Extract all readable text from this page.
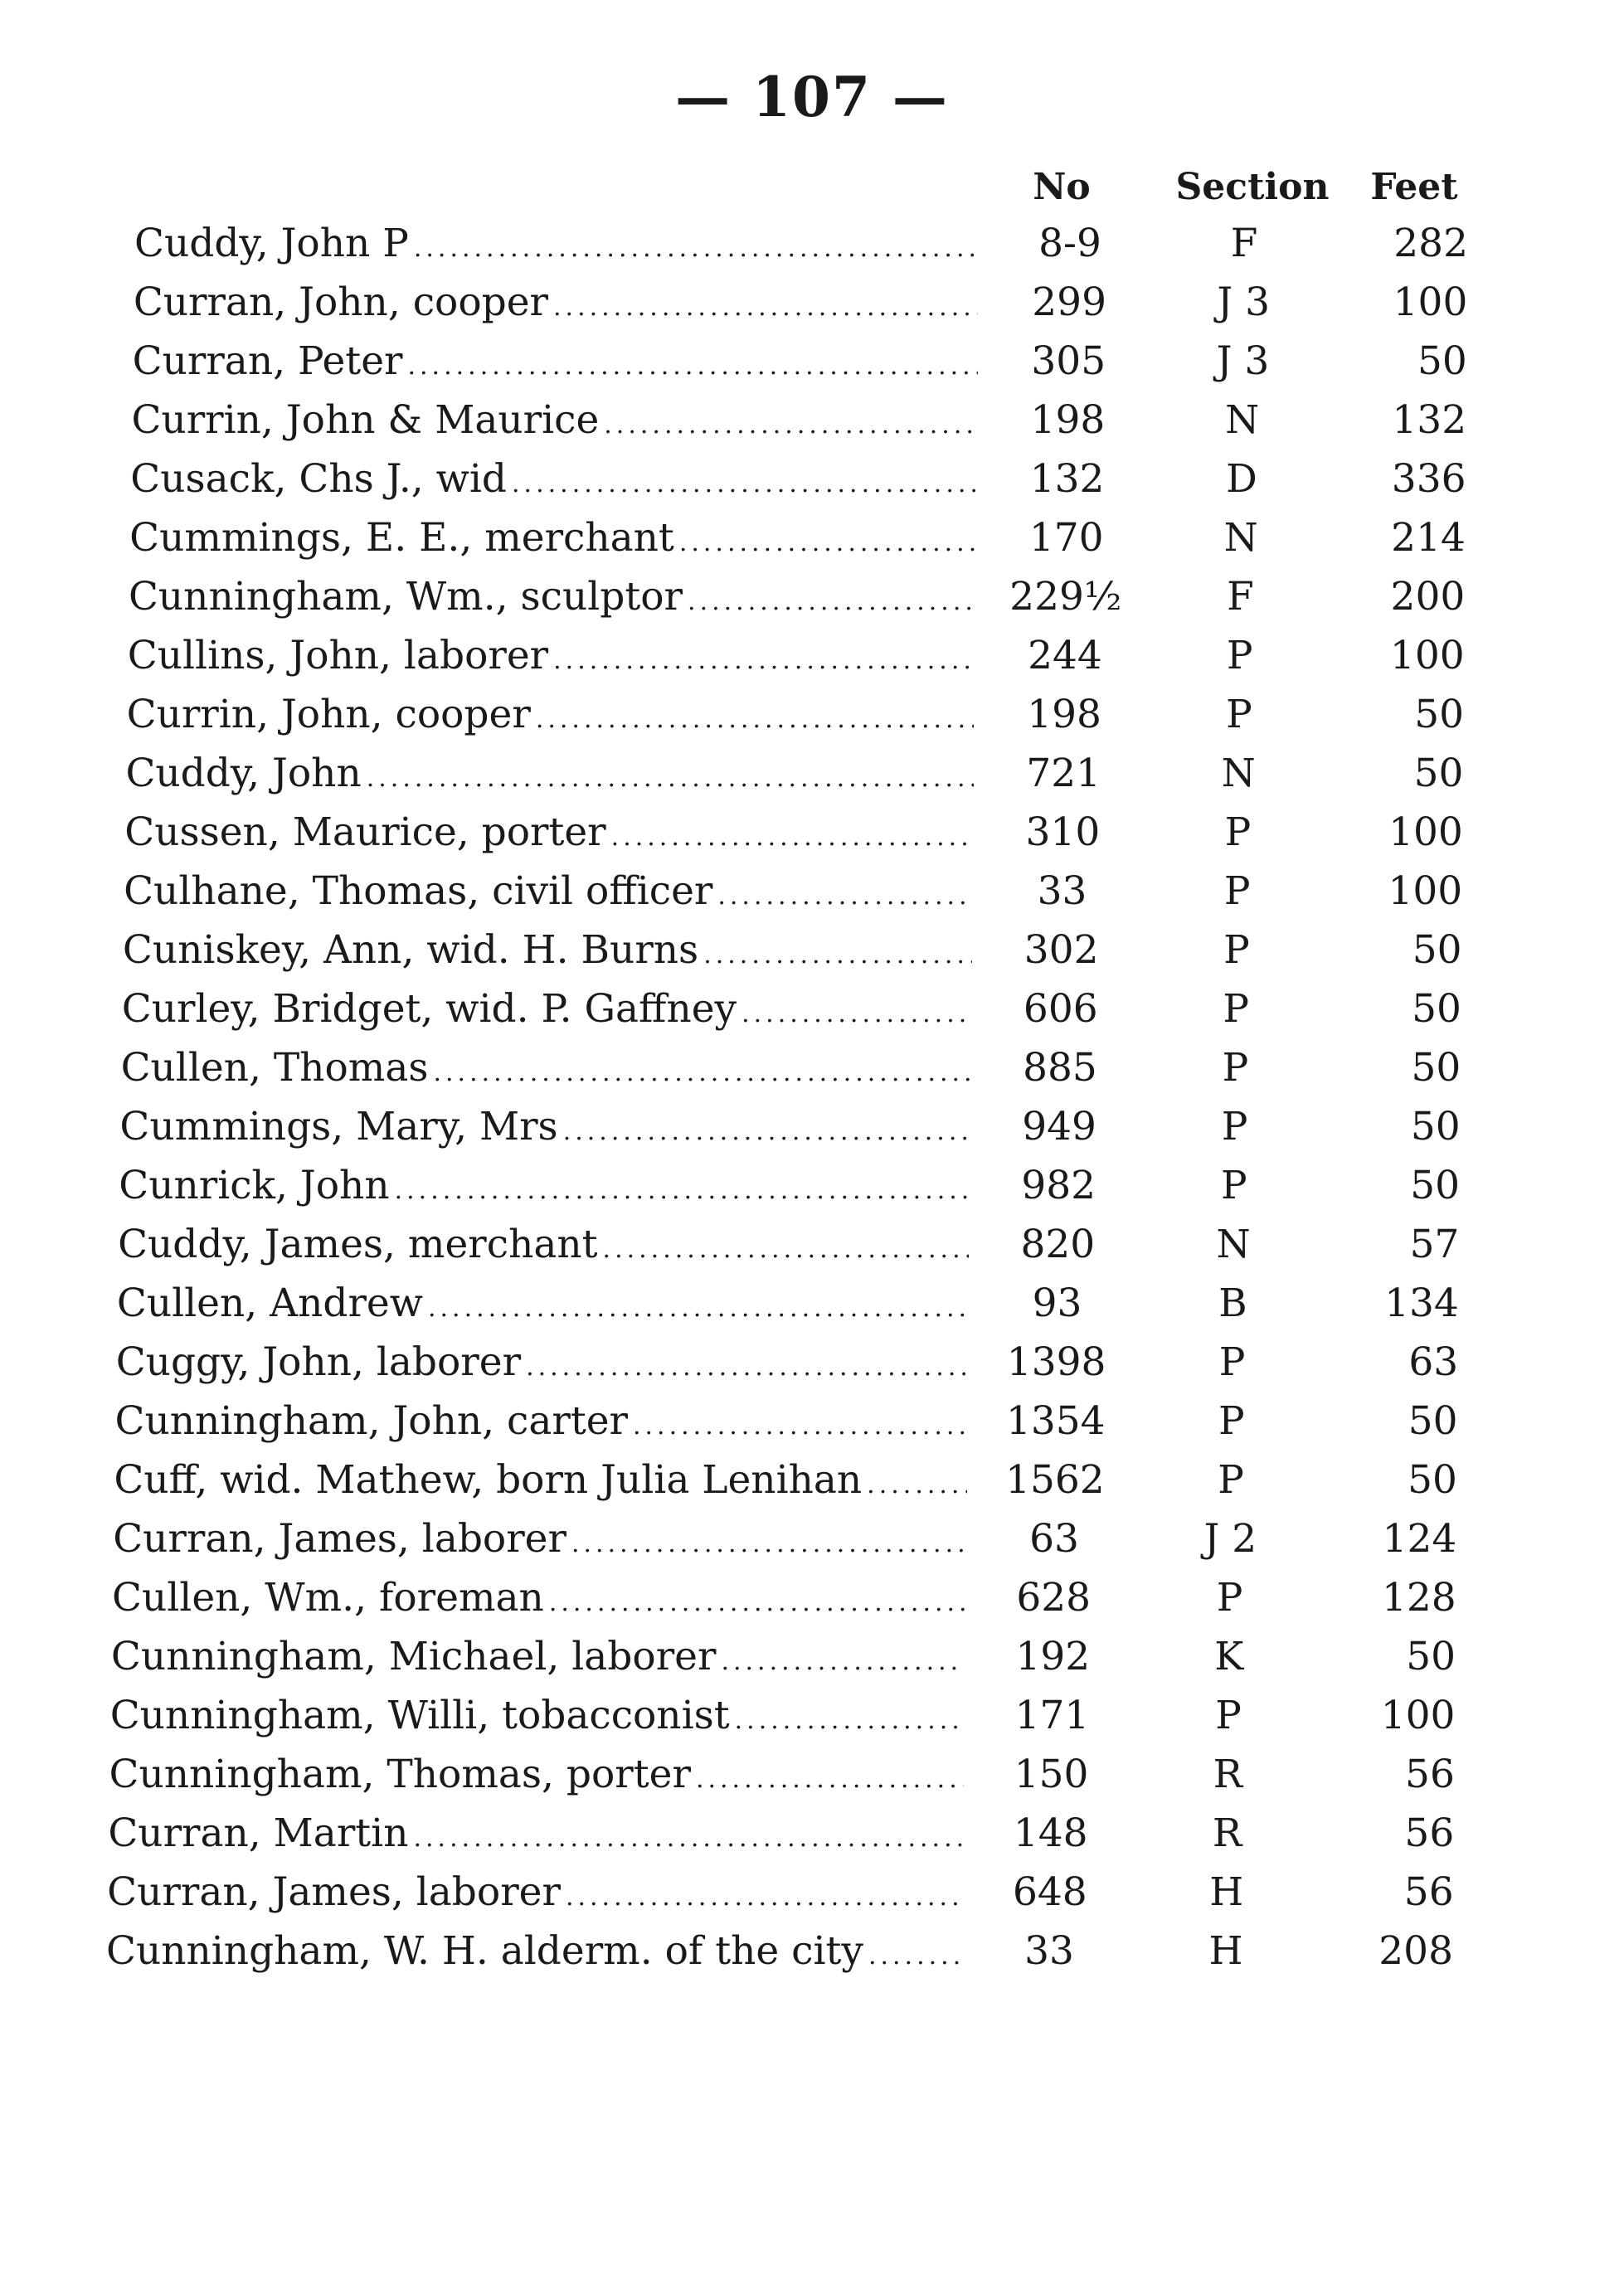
— 107 —
No	Section	Feet
Cuddy, John P .....	8-9	F	282
Curran, John, cooper .....	299	J 3	100
Curran, Peter .....	305	J 3	50
Currin, John & Maurice .....	198	N	132
Cusack, Chs J., wid .....	132	D	336
Cummings, E. E., merchant .....	170	N	214
Cunningham, Wm., sculptor .....	229½	F	200
Cullins, John, laborer .....	244	P	100
Currin, John, cooper .....	198	P	50
Cuddy, John .....	721	N	50
Cussen, Maurice, porter .....	310	P	100
Culhane, Thomas, civil officer .....	33	P	100
Cuniskey, Ann, wid. H. Burns .....	302	P	50
Curley, Bridget, wid. P. Gaffney .....	606	P	50
Cullen, Thomas .....	885	P	50
Cummings, Mary, Mrs .....	949	P	50
Cunrick, John .....	982	P	50
Cuddy, James, merchant .....	820	N	57
Cullen, Andrew .....	93	B	134
Cuggy, John, laborer .....	1398	P	63
Cunningham, John, carter .....	1354	P	50
Cuff, wid. Mathew, born Julia Lenihan .....	1562	P	50
Curran, James, laborer .....	63	J 2	124
Cullen, Wm., foreman .....	628	P	128
Cunningham, Michael, laborer .....	192	K	50
Cunningham, Willi, tobacconist .....	171	P	100
Cunningham, Thomas, porter .....	150	R	56
Curran, Martin .....	148	R	56
Curran, James, laborer .....	648	H	56
Cunningham, W. H. alderm. of the city .....	33	H	208
